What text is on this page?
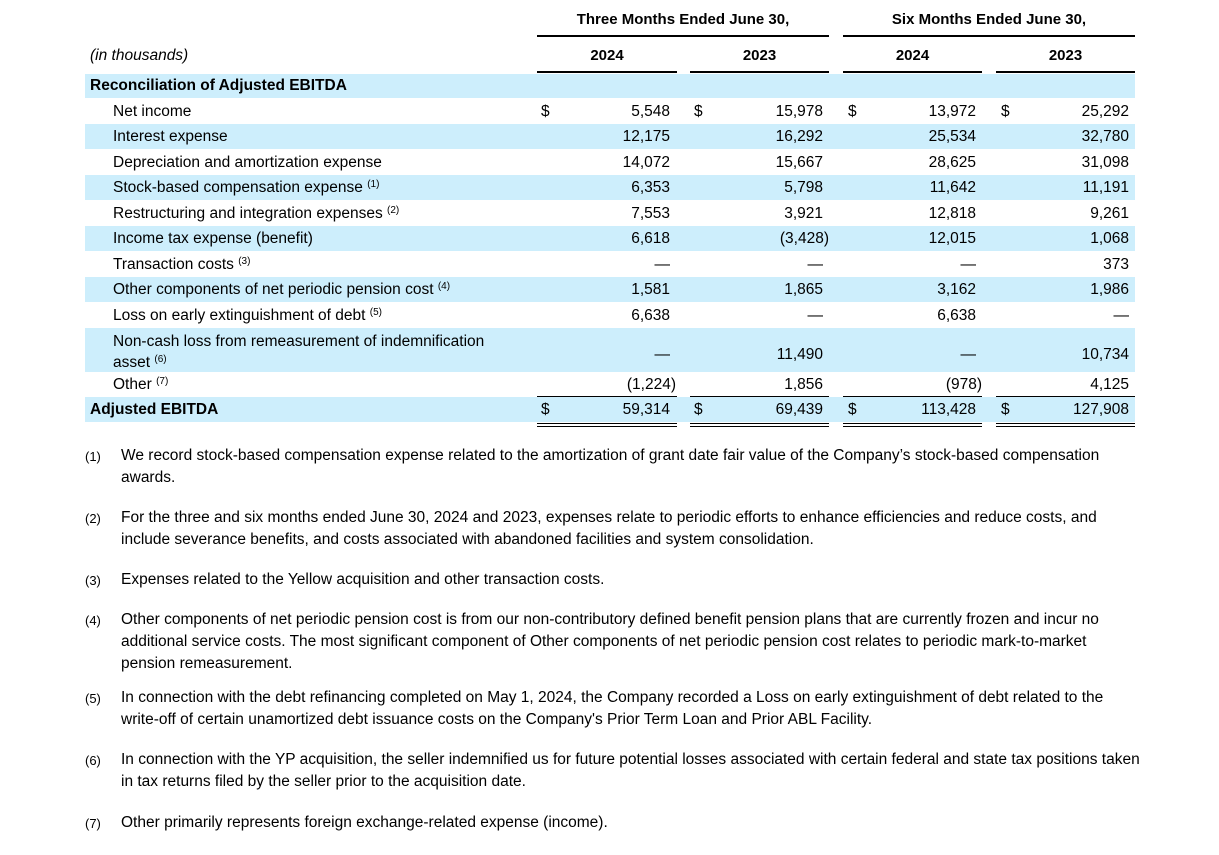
Three Months Ended June 30,	Six Months Ended June 30,
(in thousands)	2024	2023	2024	2023
Reconciliation of Adjusted EBITDA
Net income	$	5,548 $	15,978 $	13,972 $	25,292
Interest expense	12,175	16,292	25,534	32,780
Depreciation and amortization expense	14,072	15,667	28,625	31,098
Stock-based compensation expense $^{(1)}$	6,353	5,798	11,642	11,191
Restructuring and integration expenses $^{(2)}$	7,553	3,921	12,818	9,261
Income tax expense (benefit)	6,618	(3,428)	12,015	1,068
Transaction costs $^{(3)}$	—	—	—	373
Other components of net periodic pension cost $^{(4)}$	1,581	1,865	3,162	1,986
Loss on early extinguishment of debt $^{(5)}$	6,638	—	6,638	—
Non-cash loss from remeasurement of indemnification
asset $^{(6)}$	—	11,490	—	10,734
Other $^{(7)}$	(1,224)	1,856	(978)	4,125
Adjusted EBITDA	$	59,314 $	69,439 $	113,428 $	127,908
(1) We record stock-based compensation expense related to the amortization of grant date fair value of the Company’s stock-based compensation awards.
(2) For the three and six months ended June 30, 2024 and 2023, expenses relate to periodic efforts to enhance efficiencies and reduce costs, and include severance benefits, and costs associated with abandoned facilities and system consolidation.
(3) Expenses related to the Yellow acquisition and other transaction costs.
(4) Other components of net periodic pension cost is from our non-contributory defined benefit pension plans that are currently frozen and incur no additional service costs. The most significant component of Other components of net periodic pension cost relates to periodic mark-to-market pension remeasurement.
(5) In connection with the debt refinancing completed on May 1, 2024, the Company recorded a Loss on early extinguishment of debt related to the write-off of certain unamortized debt issuance costs on the Company's Prior Term Loan and Prior ABL Facility.
(6) In connection with the YP acquisition, the seller indemnified us for future potential losses associated with certain federal and state tax positions taken in tax returns filed by the seller prior to the acquisition date.
(7) Other primarily represents foreign exchange-related expense (income).
